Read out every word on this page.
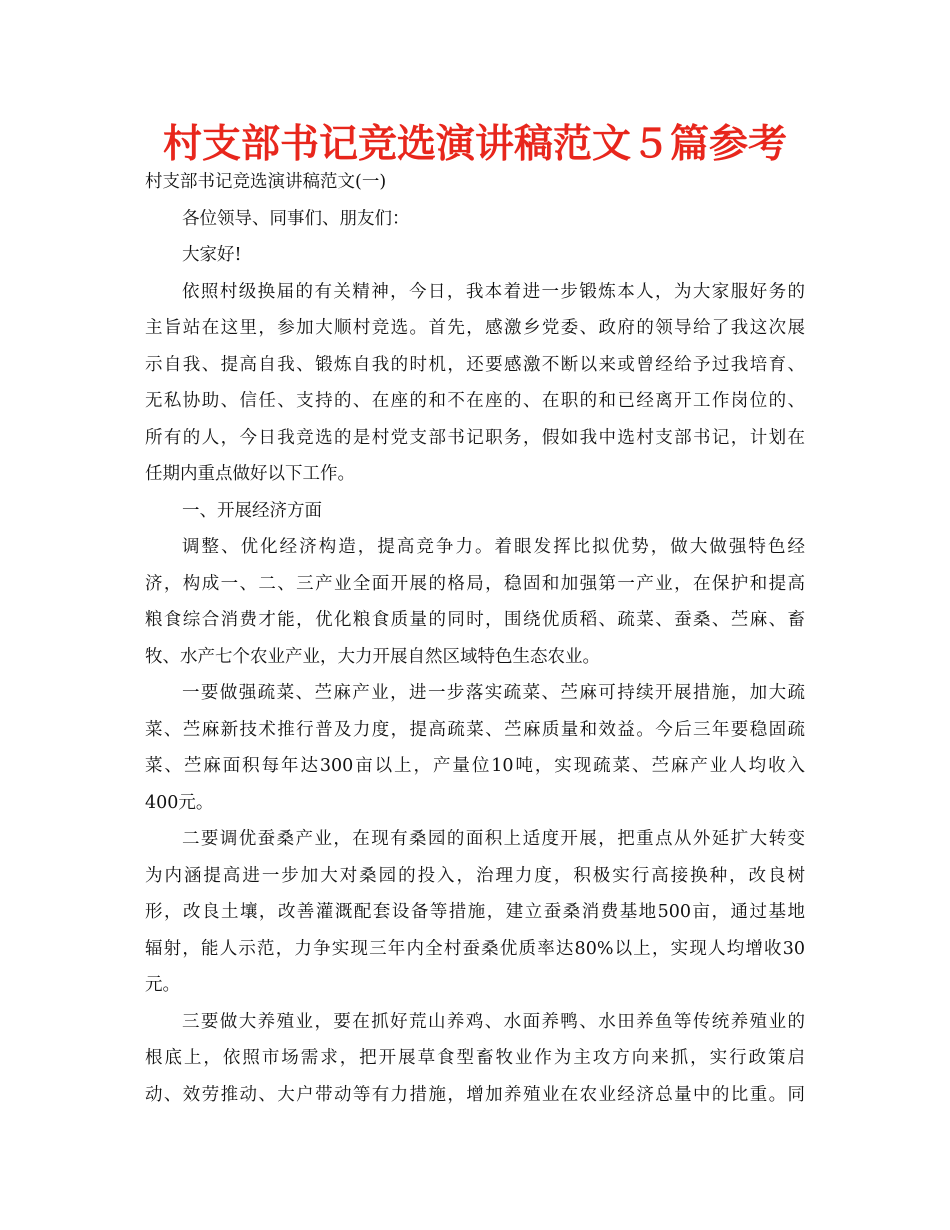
村支部书记竞选演讲稿范文５篇参考
村支部书记竞选演讲稿范文(一)
各位领导、同事们、朋友们：
大家好!
依照村级换届的有关精神，今日，我本着进一步锻炼本人，为大家服好务的
主旨站在这里，参加大顺村竞选。首先，感激乡党委、政府的领导给了我这次展
示自我、提高自我、锻炼自我的时机，还要感激不断以来或曾经给予过我培育、
无私协助、信任、支持的、在座的和不在座的、在职的和已经离开工作岗位的、
所有的人，今日我竞选的是村党支部书记职务，假如我中选村支部书记，计划在
任期内重点做好以下工作。
一、开展经济方面
调整、优化经济构造，提高竞争力。着眼发挥比拟优势，做大做强特色经
济，构成一、二、三产业全面开展的格局，稳固和加强第一产业，在保护和提高
粮食综合消费才能，优化粮食质量的同时，围绕优质稻、疏菜、蚕桑、苎麻、畜
牧、水产七个农业产业，大力开展自然区域特色生态农业。
一要做强疏菜、苎麻产业，进一步落实疏菜、苎麻可持续开展措施，加大疏
菜、苎麻新技术推行普及力度，提高疏菜、苎麻质量和效益。今后三年要稳固疏
菜、苎麻面积每年达300亩以上，产量位10吨，实现疏菜、苎麻产业人均收入
400元。
二要调优蚕桑产业，在现有桑园的面积上适度开展，把重点从外延扩大转变
为内涵提高进一步加大对桑园的投入，治理力度，积极实行高接换种，改良树
形，改良土壤，改善灌溉配套设备等措施，建立蚕桑消费基地500亩，通过基地
辐射，能人示范，力争实现三年内全村蚕桑优质率达80%以上，实现人均增收30
元。
三要做大养殖业，要在抓好荒山养鸡、水面养鸭、水田养鱼等传统养殖业的
根底上，依照市场需求，把开展草食型畜牧业作为主攻方向来抓，实行政策启
动、效劳推动、大户带动等有力措施，增加养殖业在农业经济总量中的比重。同
